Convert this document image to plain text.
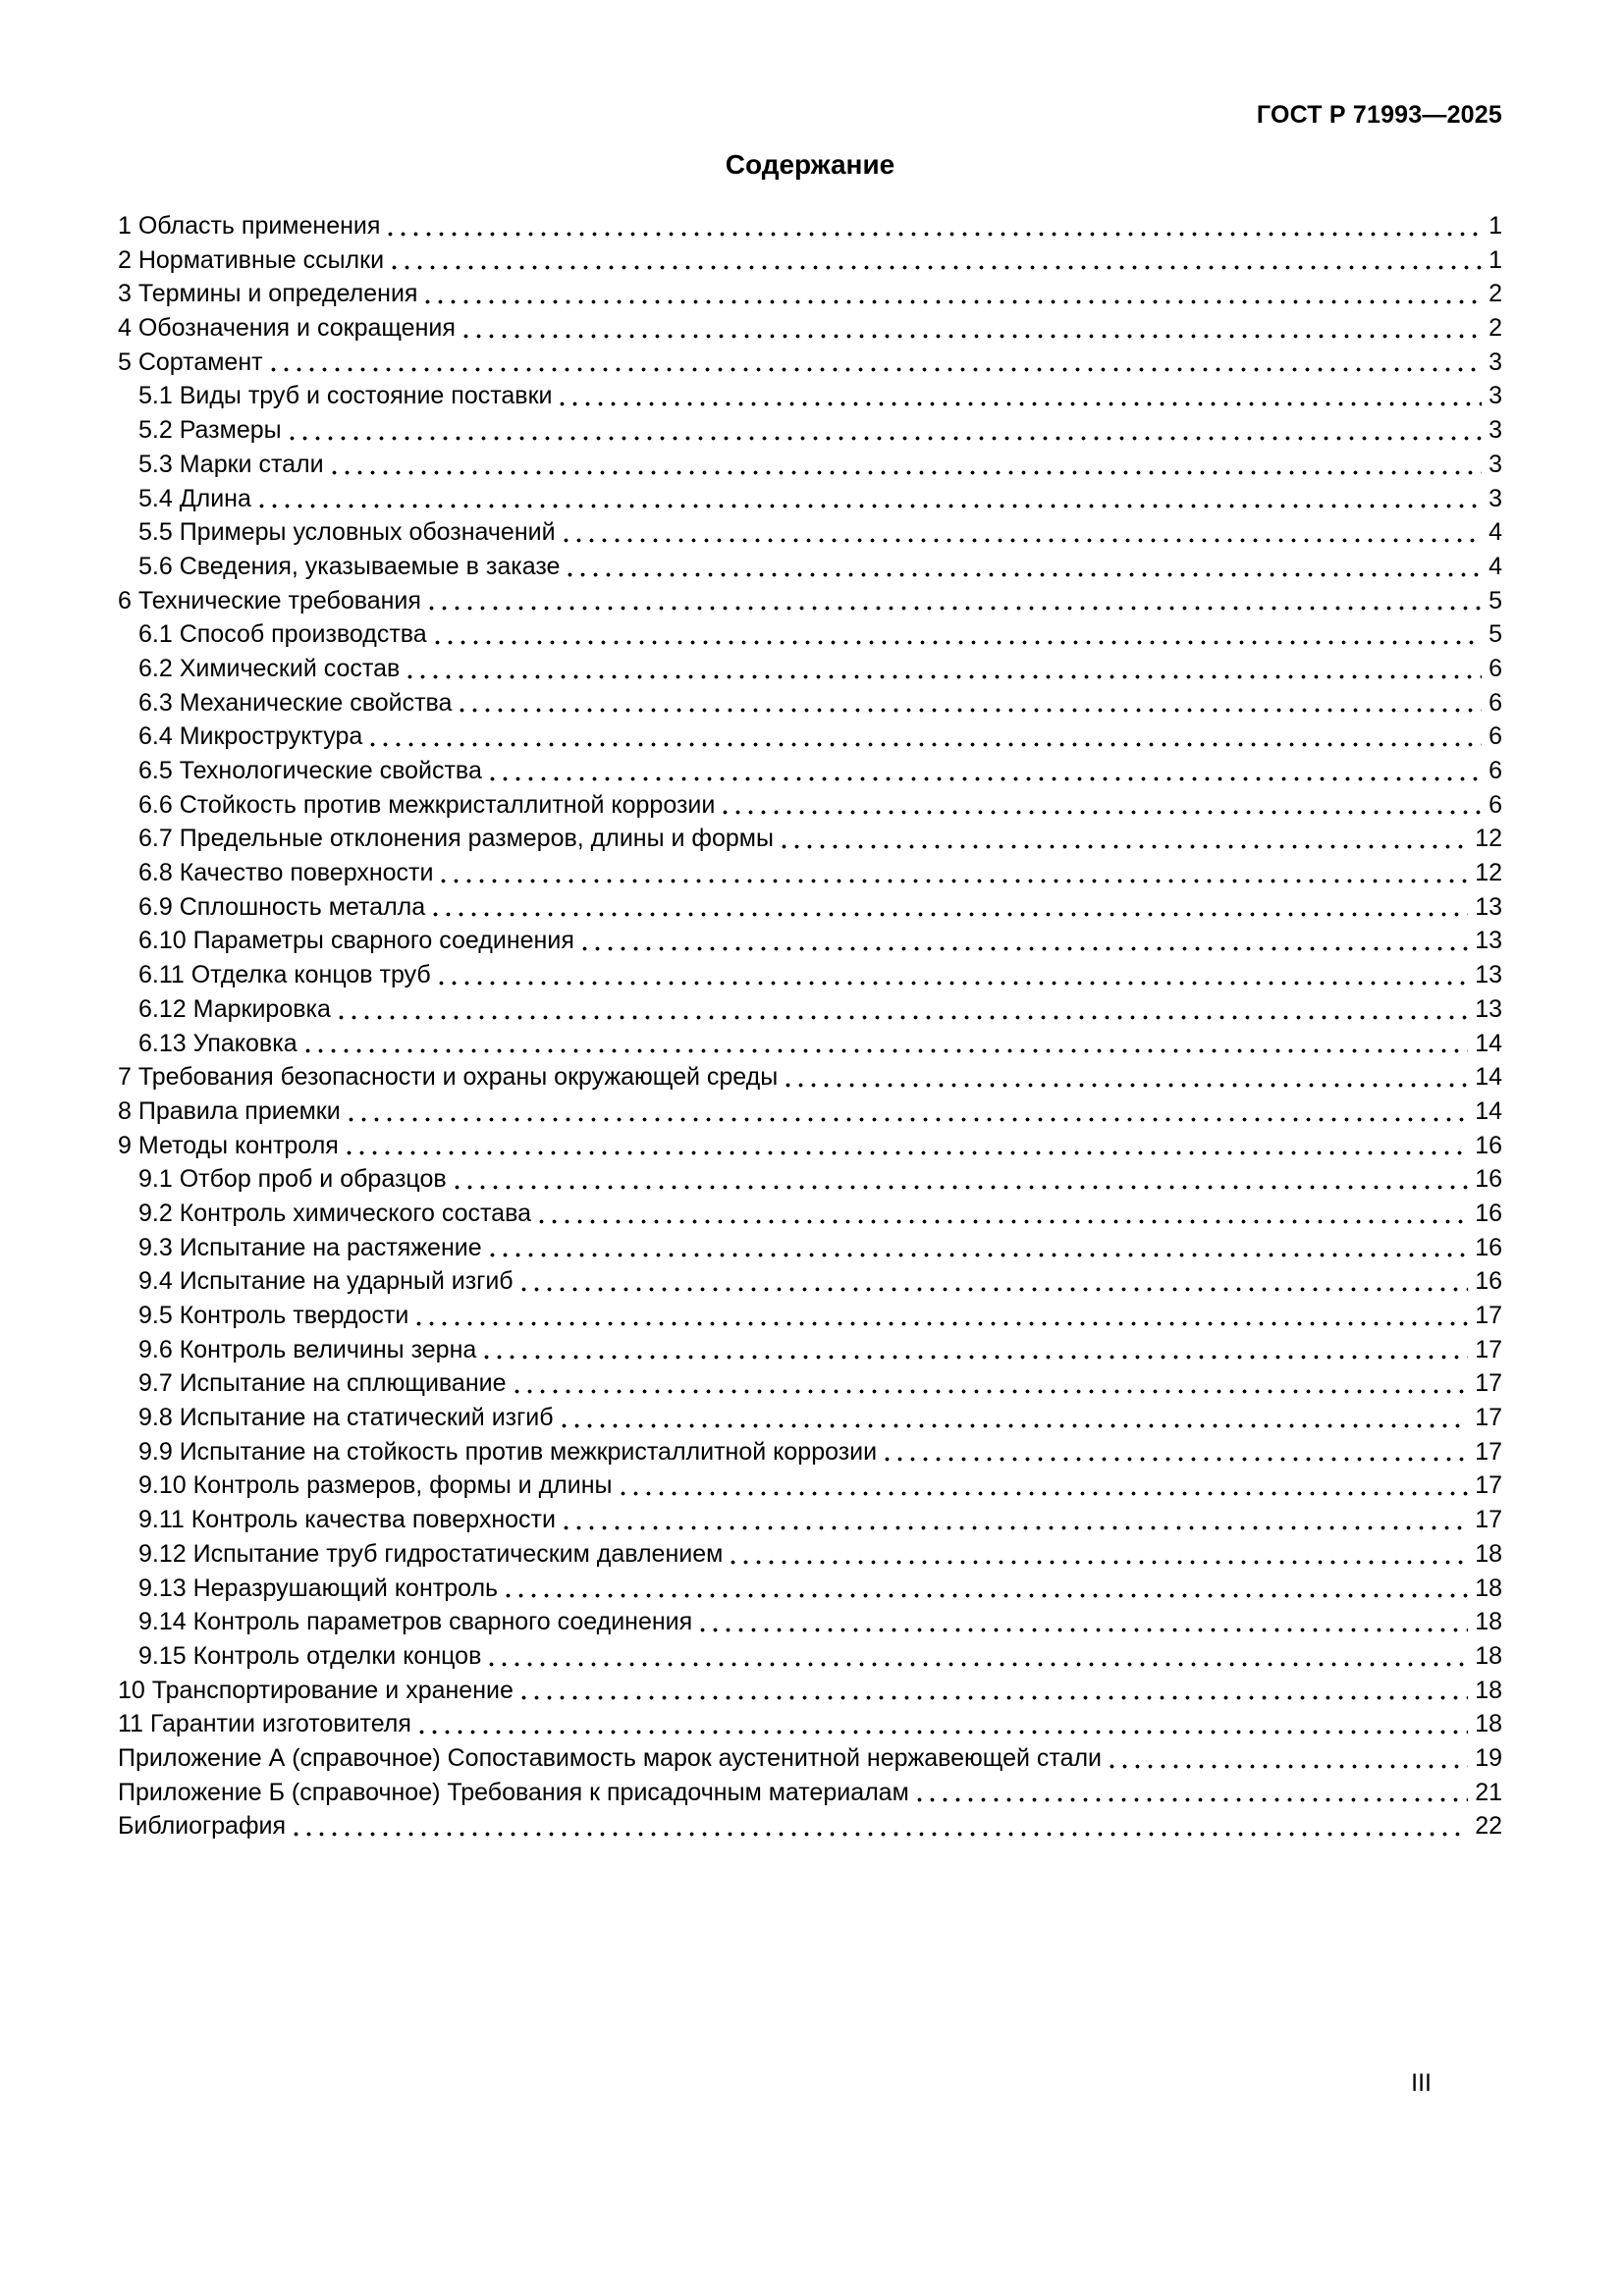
ГОСТ Р 71993—2025
Содержание
1 Область применения	1
2 Нормативные ссылки	1
3 Термины и определения	2
4 Обозначения и сокращения	2
5 Сортамент	3
5.1 Виды труб и состояние поставки	3
5.2 Размеры	3
5.3 Марки стали	3
5.4 Длина	3
5.5 Примеры условных обозначений	4
5.6 Сведения, указываемые в заказе	4
6 Технические требования	5
6.1 Способ производства	5
6.2 Химический состав	6
6.3 Механические свойства	6
6.4 Микроструктура	6
6.5 Технологические свойства	6
6.6 Стойкость против межкристаллитной коррозии	6
6.7 Предельные отклонения размеров, длины и формы	12
6.8 Качество поверхности	12
6.9 Сплошность металла	13
6.10 Параметры сварного соединения	13
6.11 Отделка концов труб	13
6.12 Маркировка	13
6.13 Упаковка	14
7 Требования безопасности и охраны окружающей среды	14
8 Правила приемки	14
9 Методы контроля	16
9.1 Отбор проб и образцов	16
9.2 Контроль химического состава	16
9.3 Испытание на растяжение	16
9.4 Испытание на ударный изгиб	16
9.5 Контроль твердости	17
9.6 Контроль величины зерна	17
9.7 Испытание на сплющивание	17
9.8 Испытание на статический изгиб	17
9.9 Испытание на стойкость против межкристаллитной коррозии	17
9.10 Контроль размеров, формы и длины	17
9.11 Контроль качества поверхности	17
9.12 Испытание труб гидростатическим давлением	18
9.13 Неразрушающий контроль	18
9.14 Контроль параметров сварного соединения	18
9.15 Контроль отделки концов	18
10 Транспортирование и хранение	18
11 Гарантии изготовителя	18
Приложение А (справочное) Сопоставимость марок аустенитной нержавеющей стали	19
Приложение Б (справочное) Требования к присадочным материалам	21
Библиография	22
III
